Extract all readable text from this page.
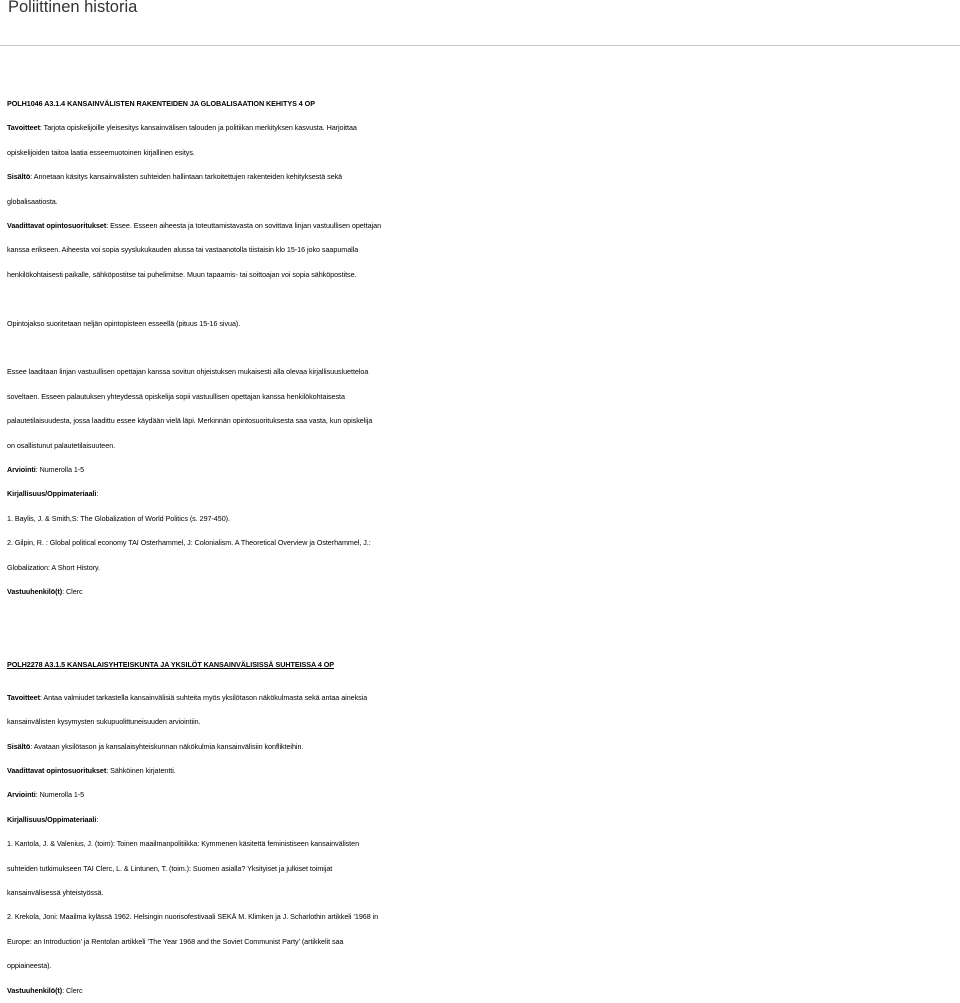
Poliittinen historia
POLH1046 A3.1.4 KANSAINVÄLISTEN RAKENTEIDEN JA GLOBALISAATION KEHITYS 4 OP
Tavoitteet: Tarjota opiskelijoille yleisesitys kansainvälisen talouden ja politiikan merkityksen kasvusta. Harjoittaa
opiskelijoiden taitoa laatia esseemuotoinen kirjallinen esitys.
Sisältö: Annetaan käsitys kansainvälisten suhteiden hallintaan tarkoitettujen rakenteiden kehityksestä sekä
globalisaatiosta.
Vaadittavat opintosuoritukset: Essee. Esseen aiheesta ja toteuttamistavasta on sovittava linjan vastuullisen opettajan
kanssa erikseen. Aiheesta voi sopia syyslukukauden alussa tai vastaanotolla tiistaisin klo 15-16 joko saapumalla
henkilökohtaisesti paikalle, sähköpostitse tai puhelimitse. Muun tapaamis- tai soittoajan voi sopia sähköpostitse.
Opintojakso suoritetaan neljän opintopisteen esseellä (pituus 15-16 sivua).
Essee laaditaan linjan vastuullisen opettajan kanssa sovitun ohjeistuksen mukaisesti alla olevaa kirjallisuusluetteloa
soveltaen. Esseen palautuksen yhteydessä opiskelija sopii vastuullisen opettajan kanssa henkilökohtaisesta
palautetilaisuudesta, jossa laadittu essee käydään vielä läpi. Merkinnän opintosuorituksesta saa vasta, kun opiskelija
on osallistunut palautetilaisuuteen.
Arviointi: Numerolla 1-5
Kirjallisuus/Oppimateriaali:
1. Baylis, J. & Smith,S: The Globalization of World Politics (s. 297-450).
2. Gilpin, R. : Global political economy TAI Osterhammel, J: Colonialism. A Theoretical Overview ja Osterhammel, J.:
Globalization: A Short History.
Vastuuhenkilö(t): Clerc
POLH2278 A3.1.5 KANSALAISYHTEISKUNTA JA YKSILÖT KANSAINVÄLISISSÄ SUHTEISSA 4 OP
Tavoitteet: Antaa valmiudet tarkastella kansainvälisiä suhteita myös yksilötason näkökulmasta sekä antaa aineksia
kansainvälisten kysymysten sukupuolittuneisuuden arviointiin.
Sisältö: Avataan yksilötason ja kansalaisyhteiskunnan näkökulmia kansainvälisiin konflikteihin.
Vaadittavat opintosuoritukset: Sähköinen kirjatentti.
Arviointi: Numerolla 1-5
Kirjallisuus/Oppimateriaali:
1. Kantola, J. & Valenius, J. (toim): Toinen maailmanpolitiikka: Kymmenen käsitettä feministiseen kansainvälisten
suhteiden tutkimukseen TAI Clerc, L. & Lintunen, T. (toim.): Suomen asialla? Yksityiset ja julkiset toimijat
kansainvälisessä yhteistyössä.
2. Krekola, Joni: Maailma kylässä 1962. Helsingin nuorisofestivaali SEKÄ M. Klimken ja J. Scharlothin artikkeli ’1968 in
Europe: an Introduction’ ja Rentolan artikkeli ’The Year 1968 and the Soviet Communist Party’ (artikkelit saa
oppiaineesta).
Vastuuhenkilö(t): Clerc
